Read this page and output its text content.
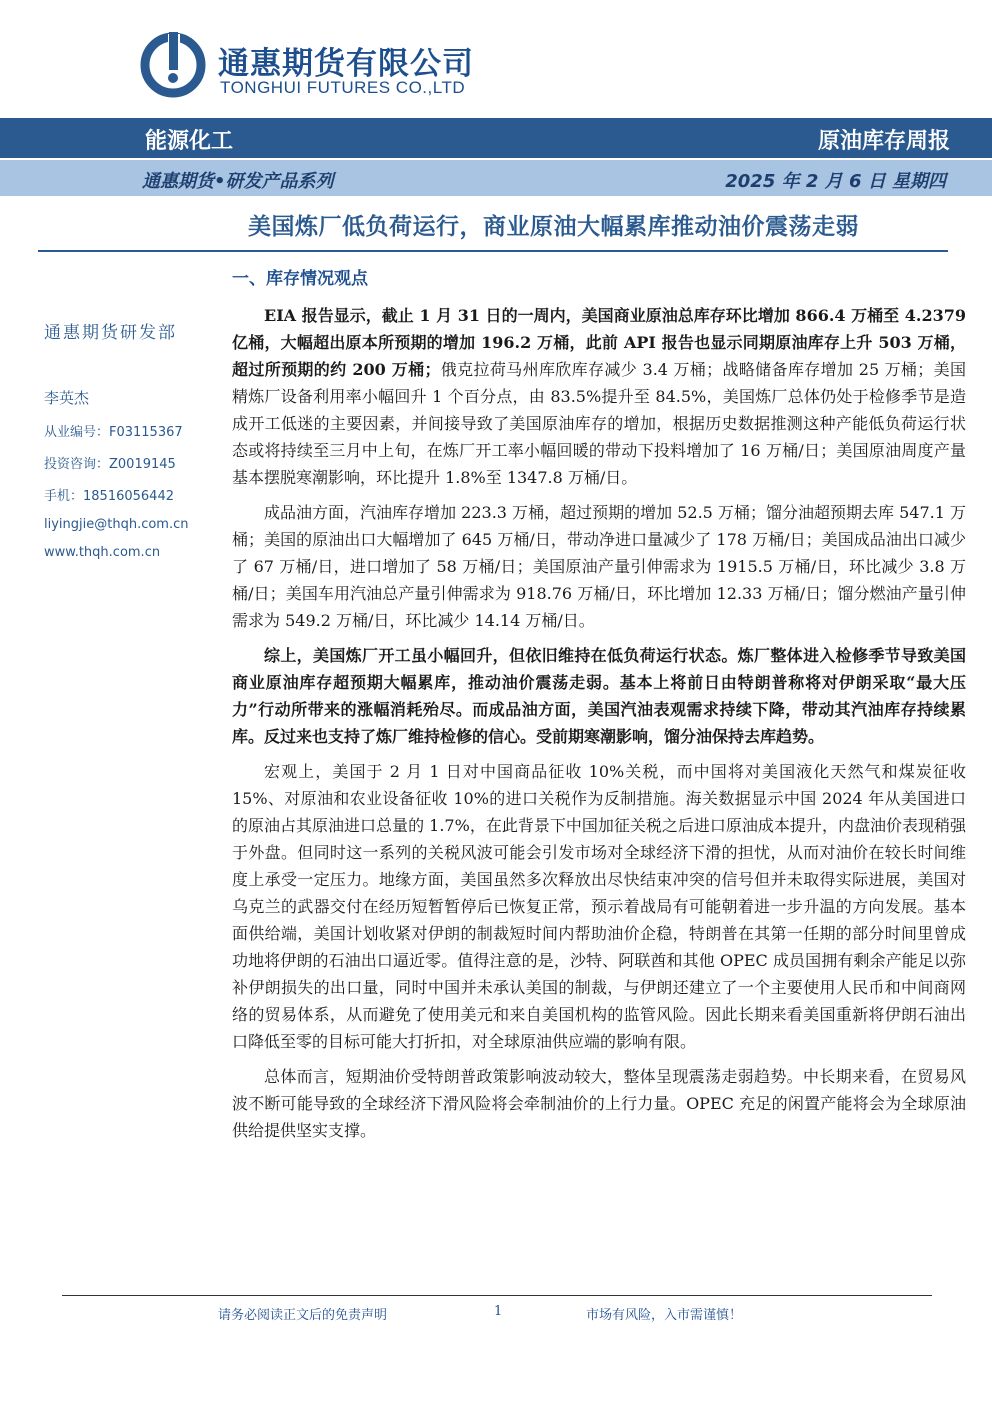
通惠期货有限公司
TONGHUI FUTURES CO.,LTD
能源化工	原油库存周报
通惠期货•研发产品系列	2025 年 2 月 6 日 星期四
美国炼厂低负荷运行，商业原油大幅累库推动油价震荡走弱
通惠期货研发部
李英杰
从业编号：F03115367
投资咨询：Z0019145
手机：18516056442
liyingjie@thqh.com.cn
www.thqh.com.cn
一、库存情况观点

EIA 报告显示，截止 1 月 31 日的一周内，美国商业原油总库存环比增加 866.4 万桶至 4.2379 亿桶，大幅超出原本所预期的增加 196.2 万桶，此前 API 报告也显示同期原油库存上升 503 万桶，超过所预期的约 200 万桶；俄克拉荷马州库欣库存减少 3.4 万桶；战略储备库存增加 25 万桶；美国精炼厂设备利用率小幅回升 1 个百分点，由 83.5%提升至 84.5%，美国炼厂总体仍处于检修季节是造成开工低迷的主要因素，并间接导致了美国原油库存的增加，根据历史数据推测这种产能低负荷运行状态或将持续至三月中上旬，在炼厂开工率小幅回暖的带动下投料增加了 16 万桶/日；美国原油周度产量基本摆脱寒潮影响，环比提升 1.8%至 1347.8 万桶/日。

成品油方面，汽油库存增加 223.3 万桶，超过预期的增加 52.5 万桶；馏分油超预期去库 547.1 万桶；美国的原油出口大幅增加了 645 万桶/日，带动净进口量减少了 178 万桶/日；美国成品油出口减少了 67 万桶/日，进口增加了 58 万桶/日；美国原油产量引伸需求为 1915.5 万桶/日，环比减少 3.8 万桶/日；美国车用汽油总产量引伸需求为 918.76 万桶/日，环比增加 12.33 万桶/日；馏分燃油产量引伸需求为 549.2 万桶/日，环比减少 14.14 万桶/日。

综上，美国炼厂开工虽小幅回升，但依旧维持在低负荷运行状态。炼厂整体进入检修季节导致美国商业原油库存超预期大幅累库，推动油价震荡走弱。基本上将前日由特朗普称将对伊朗采取“最大压力”行动所带来的涨幅消耗殆尽。而成品油方面，美国汽油表观需求持续下降，带动其汽油库存持续累库。反过来也支持了炼厂维持检修的信心。受前期寒潮影响，馏分油保持去库趋势。

宏观上，美国于 2 月 1 日对中国商品征收 10%关税，而中国将对美国液化天然气和煤炭征收 15%、对原油和农业设备征收 10%的进口关税作为反制措施。海关数据显示中国 2024 年从美国进口的原油占其原油进口总量的 1.7%，在此背景下中国加征关税之后进口原油成本提升，内盘油价表现稍强于外盘。但同时这一系列的关税风波可能会引发市场对全球经济下滑的担忧，从而对油价在较长时间维度上承受一定压力。地缘方面，美国虽然多次释放出尽快结束冲突的信号但并未取得实际进展，美国对乌克兰的武器交付在经历短暂暂停后已恢复正常，预示着战局有可能朝着进一步升温的方向发展。基本面供给端，美国计划收紧对伊朗的制裁短时间内帮助油价企稳，特朗普在其第一任期的部分时间里曾成功地将伊朗的石油出口逼近零。值得注意的是，沙特、阿联酋和其他 OPEC 成员国拥有剩余产能足以弥补伊朗损失的出口量，同时中国并未承认美国的制裁，与伊朗还建立了一个主要使用人民币和中间商网络的贸易体系，从而避免了使用美元和来自美国机构的监管风险。因此长期来看美国重新将伊朗石油出口降低至零的目标可能大打折扣，对全球原油供应端的影响有限。

总体而言，短期油价受特朗普政策影响波动较大，整体呈现震荡走弱趋势。中长期来看，在贸易风波不断可能导致的全球经济下滑风险将会牵制油价的上行力量。OPEC 充足的闲置产能将会为全球原油供给提供坚实支撑。

请务必阅读正文后的免责声明	1	市场有风险，入市需谨慎！
